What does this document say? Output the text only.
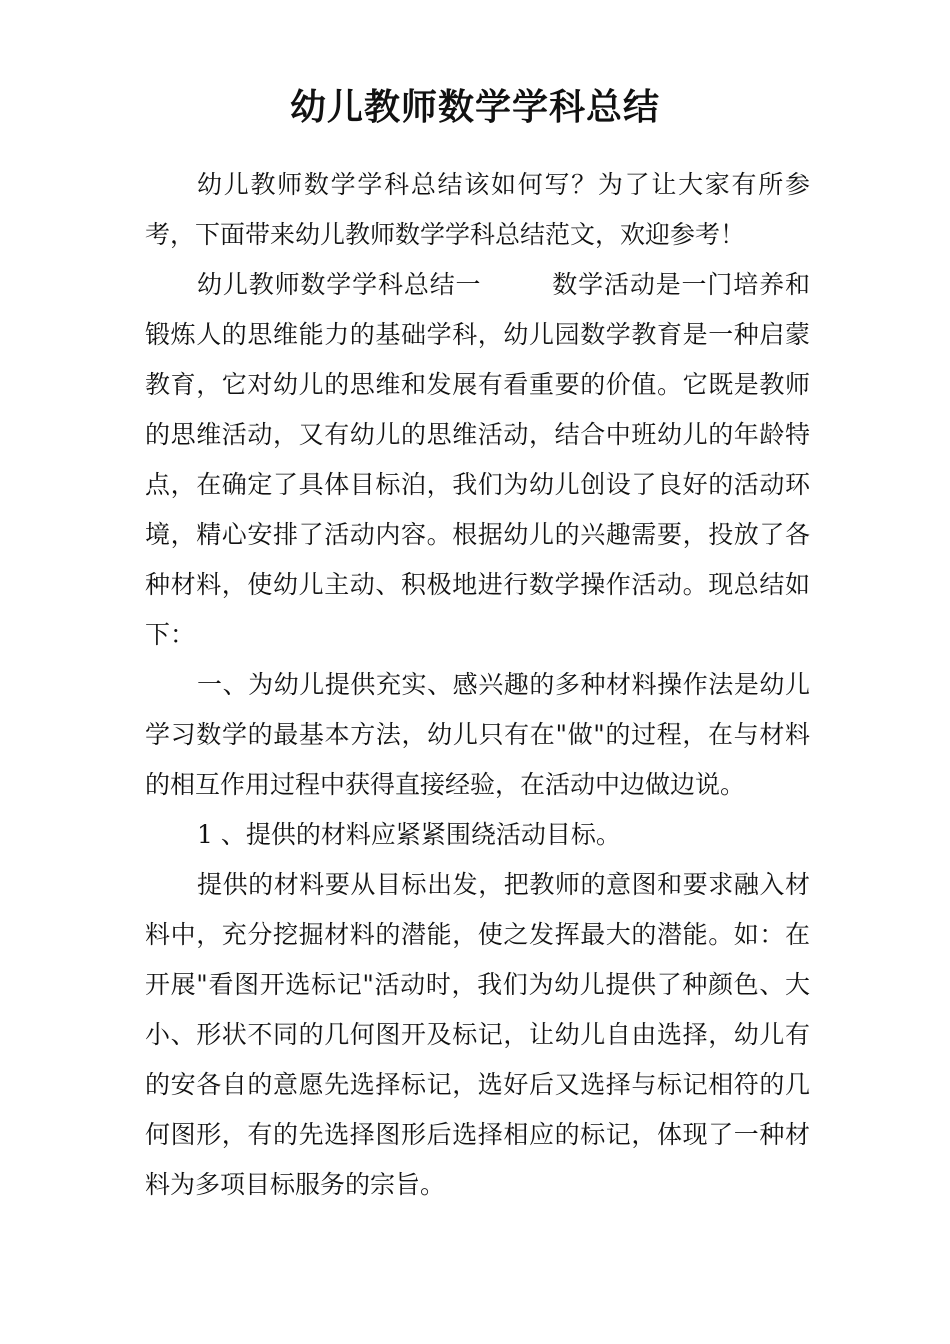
幼儿教师数学学科总结

幼儿教师数学学科总结该如何写？为了让大家有所参考，下面带来幼儿教师数学学科总结范文，欢迎参考！

幼儿教师数学学科总结一	数学活动是一门培养和锻炼人的思维能力的基础学科，幼儿园数学教育是一种启蒙教育，它对幼儿的思维和发展有看重要的价值。它既是教师的思维活动，又有幼儿的思维活动，结合中班幼儿的年龄特点，在确定了具体目标泊，我们为幼儿创设了良好的活动环境，精心安排了活动内容。根据幼儿的兴趣需要，投放了各种材料，使幼儿主动、积极地进行数学操作活动。现总结如下：

一、为幼儿提供充实、感兴趣的多种材料操作法是幼儿学习数学的最基本方法，幼儿只有在"做"的过程，在与材料的相互作用过程中获得直接经验，在活动中边做边说。

1 、提供的材料应紧紧围绕活动目标。

提供的材料要从目标出发，把教师的意图和要求融入材料中，充分挖掘材料的潜能，使之发挥最大的潜能。如：在开展"看图开选标记"活动时，我们为幼儿提供了种颜色、大小、形状不同的几何图开及标记，让幼儿自由选择，幼儿有的安各自的意愿先选择标记，选好后又选择与标记相符的几何图形，有的先选择图形后选择相应的标记，体现了一种材料为多项目标服务的宗旨。
